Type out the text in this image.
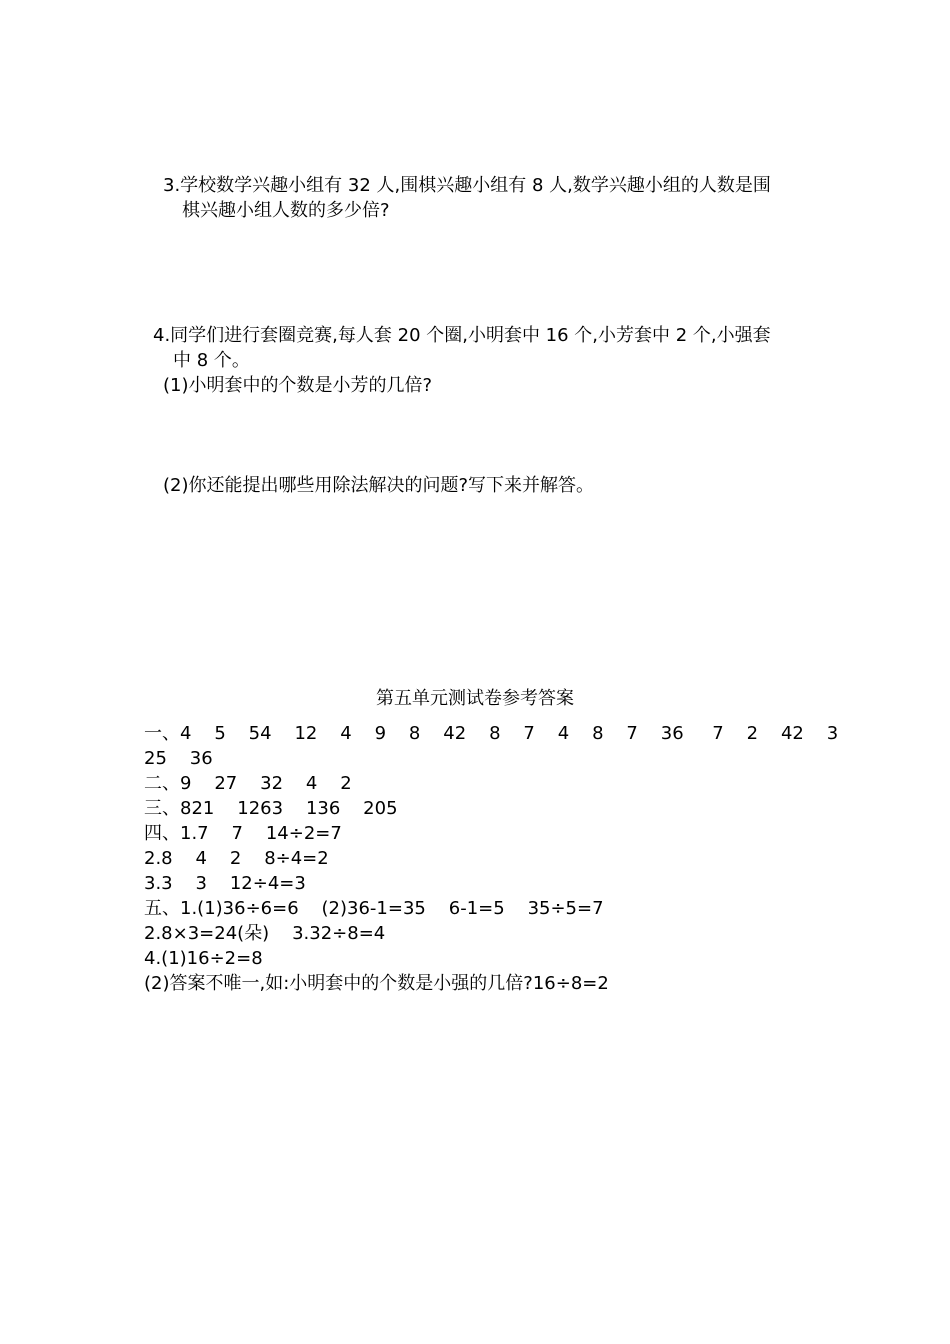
3.学校数学兴趣小组有 32 人,围棋兴趣小组有 8 人,数学兴趣小组的人数是围
棋兴趣小组人数的多少倍?
4.同学们进行套圈竞赛,每人套 20 个圈,小明套中 16 个,小芳套中 2 个,小强套
中 8 个。
(1)小明套中的个数是小芳的几倍?
(2)你还能提出哪些用除法解决的问题?写下来并解答。
第五单元测试卷参考答案
一、4    5    54    12    4    9    8    42    8    7    4    8    7    36     7    2    42    3
25    36
二、9    27    32    4    2
三、821    1263    136    205
四、1.7    7    14÷2=7
2.8    4    2    8÷4=2
3.3    3    12÷4=3
五、1.(1)36÷6=6    (2)36-1=35    6-1=5    35÷5=7
2.8×3=24(朵)    3.32÷8=4
4.(1)16÷2=8
(2)答案不唯一,如:小明套中的个数是小强的几倍?16÷8=2
